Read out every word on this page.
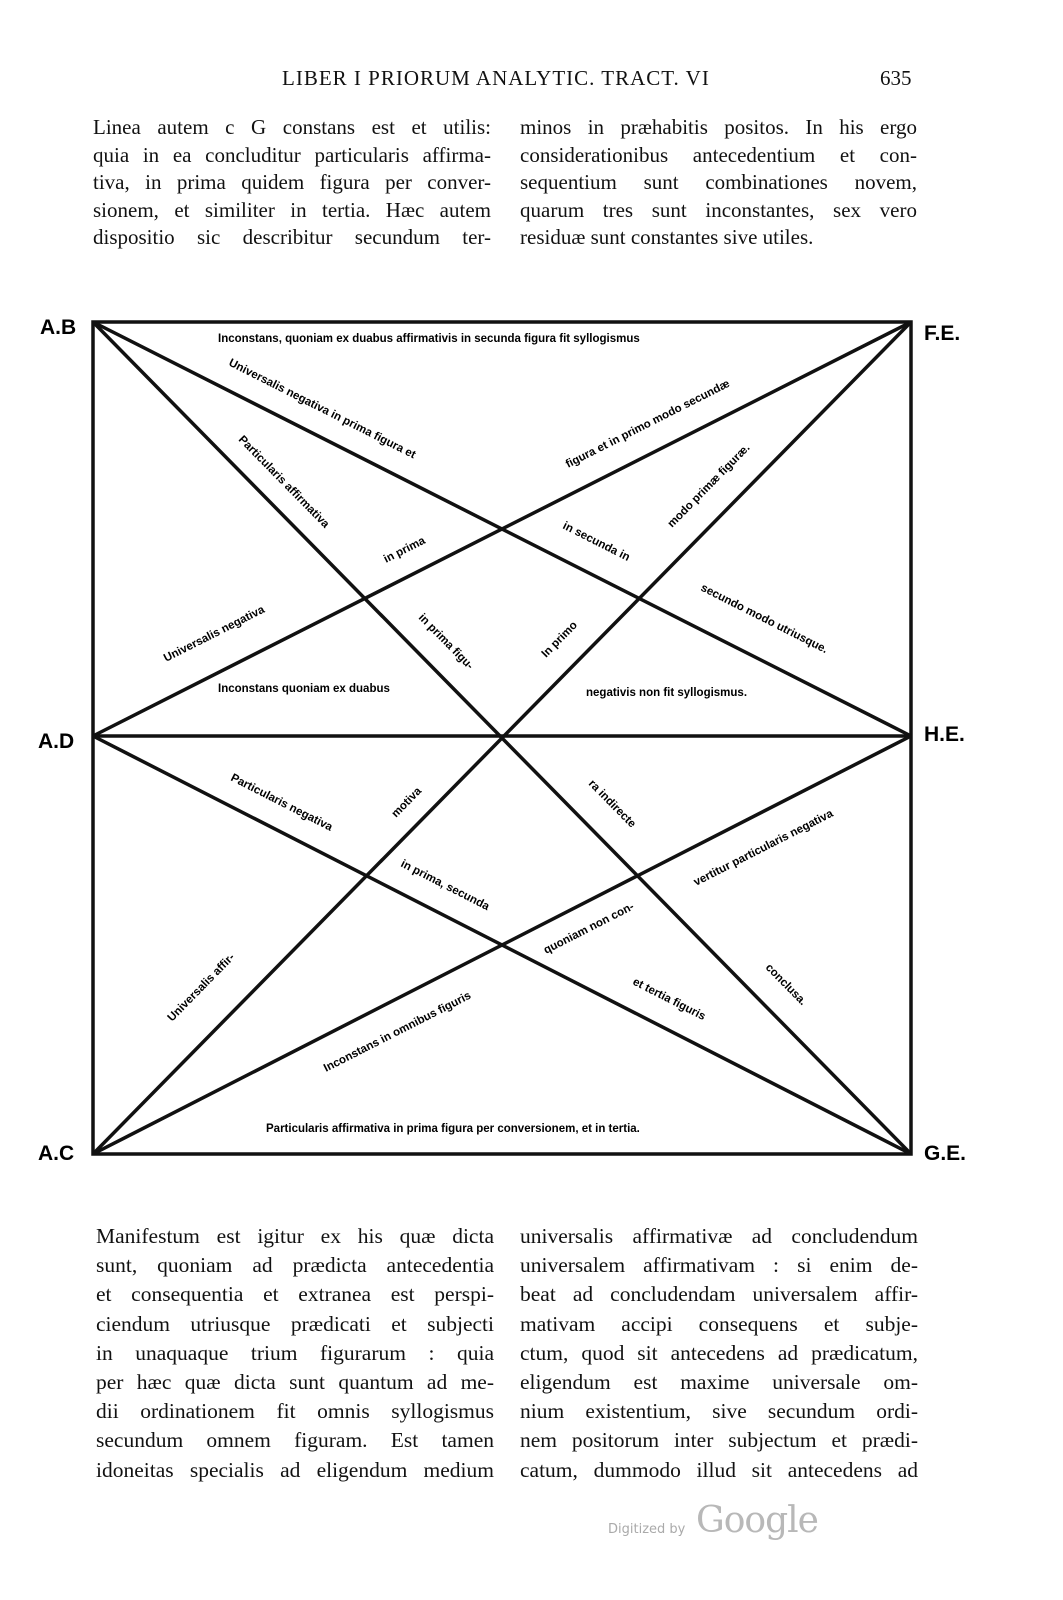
LIBER I PRIORUM ANALYTIC. TRACT. VI	635
Linea autem c G constans est et utilis:
quia in ea concluditur particularis affirma-
tiva, in prima quidem figura per conver-
sionem, et similiter in tertia. Hæc autem
dispositio sic describitur secundum ter-
minos in præhabitis positos. In his ergo
considerationibus antecedentium et con-
sequentium sunt combinationes novem,
quarum tres sunt inconstantes, sex vero
residuæ sunt constantes sive utiles.
A.B	F.E.
A.D	H.E.
A.C	G.E.
Inconstans, quoniam ex duabus affirmativis in secunda figura fit syllogismus
Particularis affirmativa in prima figura per conversionem, et in tertia.
Universalis negativa in prima figura et
in secunda in
secundo modo utriusque.
Universalis negativa
in prima
figura et in primo modo secundæ
Particularis affirmativa
in prima figu-
ra indirecte
conclusa.
In primo
modo primæ figuræ.
motiva
Universalis affir-
Particularis negativa
in prima, secunda
et tertia figuris
Inconstans in omnibus figuris
quoniam non con-
vertitur particularis negativa
Inconstans quoniam ex duabus	negativis non fit syllogismus.
Manifestum est igitur ex his quæ dicta
sunt, quoniam ad prædicta antecedentia
et consequentia et extranea est perspi-
ciendum utriusque prædicati et subjecti
in unaquaque trium figurarum : quia
per hæc quæ dicta sunt quantum ad me-
dii ordinationem fit omnis syllogismus
secundum omnem figuram. Est tamen
idoneitas specialis ad eligendum medium
universalis affirmativæ ad concludendum
universalem affirmativam : si enim de-
beat ad concludendam universalem affir-
mativam accipi consequens et subje-
ctum, quod sit antecedens ad prædicatum,
eligendum est maxime universale om-
nium existentium, sive secundum ordi-
nem positorum inter subjectum et prædi-
catum, dummodo illud sit antecedens ad
Digitized by Google
